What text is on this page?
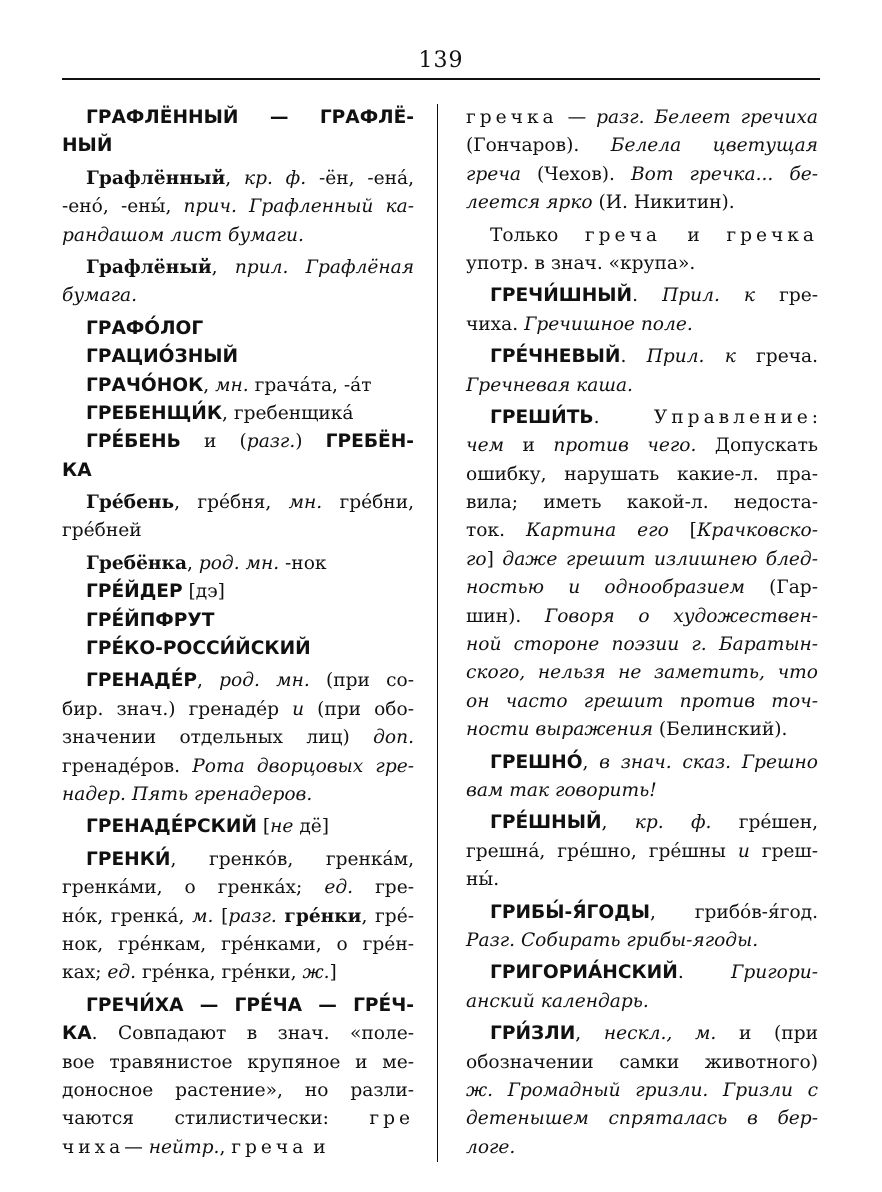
139
ГРАФЛЁННЫЙ — ГРАФЛЁ-
НЫЙ
Графлённый, кр. ф. -ён, -ена́,
-ено́, -ены́, прич. Графленный ка-
рандашом лист бумаги.
Графлёный, прил. Графлёная
бумага.
ГРАФО́ЛОГ
ГРАЦИО́ЗНЫЙ
ГРАЧО́НОК, мн. грача́та, -а́т
ГРЕБЕНЩИ́К, гребенщика́
ГРЕ́БЕНЬ и (разг.) ГРЕБЁН-
КА
Гре́бень, гре́бня, мн. гре́бни,
гре́бней
Гребёнка, род. мн. -нок
ГРЕ́ЙДЕР [дэ]
ГРЕ́ЙПФРУТ
ГРЕ́КО-РОССИ́ЙСКИЙ
ГРЕНАДЕ́Р, род. мн. (при со-
бир. знач.) гренаде́р и (при обо-
значении отдельных лиц) доп.
гренаде́ров. Рота дворцовых гре-
надер. Пять гренадеров.
ГРЕНАДЕ́РСКИЙ [не дё]
ГРЕНКИ́, гренко́в, гренка́м,
гренка́ми, о гренка́х; ед. гре-
но́к, гренка́, м. [разг. гре́нки, гре́-
нок, гре́нкам, гре́нками, о гре́н-
ках; ед. гре́нка, гре́нки, ж.]
ГРЕЧИ́ХА — ГРЕ́ЧА — ГРЕ́Ч-
КА. Совпадают в знач. «поле-
вое травянистое крупяное и ме-
доносное растение», но разли-
чаются стилистически: гре
чиха— нейтр., греча и
гречка — разг. Белеет гречиха
(Гончаров). Белела цветущая
греча (Чехов). Вот гречка... бе-
леется ярко (И. Никитин).
Только греча и гречка
употр. в знач. «крупа».
ГРЕЧИ́ШНЫЙ. Прил. к гре-
чиха. Гречишное поле.
ГРЕ́ЧНЕВЫЙ. Прил. к греча.
Гречневая каша.
ГРЕШИ́ТЬ. Управление:
чем и против чего. Допускать
ошибку, нарушать какие-л. пра-
вила; иметь какой-л. недоста-
ток. Картина его [Крачковско-
го] даже грешит излишнею блед-
ностью и однообразием (Гар-
шин). Говоря о художествен-
ной стороне поэзии г. Баратын-
ского, нельзя не заметить, что
он часто грешит против точ-
ности выражения (Белинский).
ГРЕШНО́, в знач. сказ. Грешно
вам так говорить!
ГРЕ́ШНЫЙ, кр. ф. гре́шен,
грешна́, гре́шно, гре́шны и греш-
ны́.
ГРИБЫ́-Я́ГОДЫ, грибо́в-я́год.
Разг. Собирать грибы-ягоды.
ГРИГОРИА́НСКИЙ. Григори-
анский календарь.
ГРИ́ЗЛИ, нескл., м. и (при
обозначении самки животного)
ж. Громадный гризли. Гризли с
детенышем спряталась в бер-
логе.
